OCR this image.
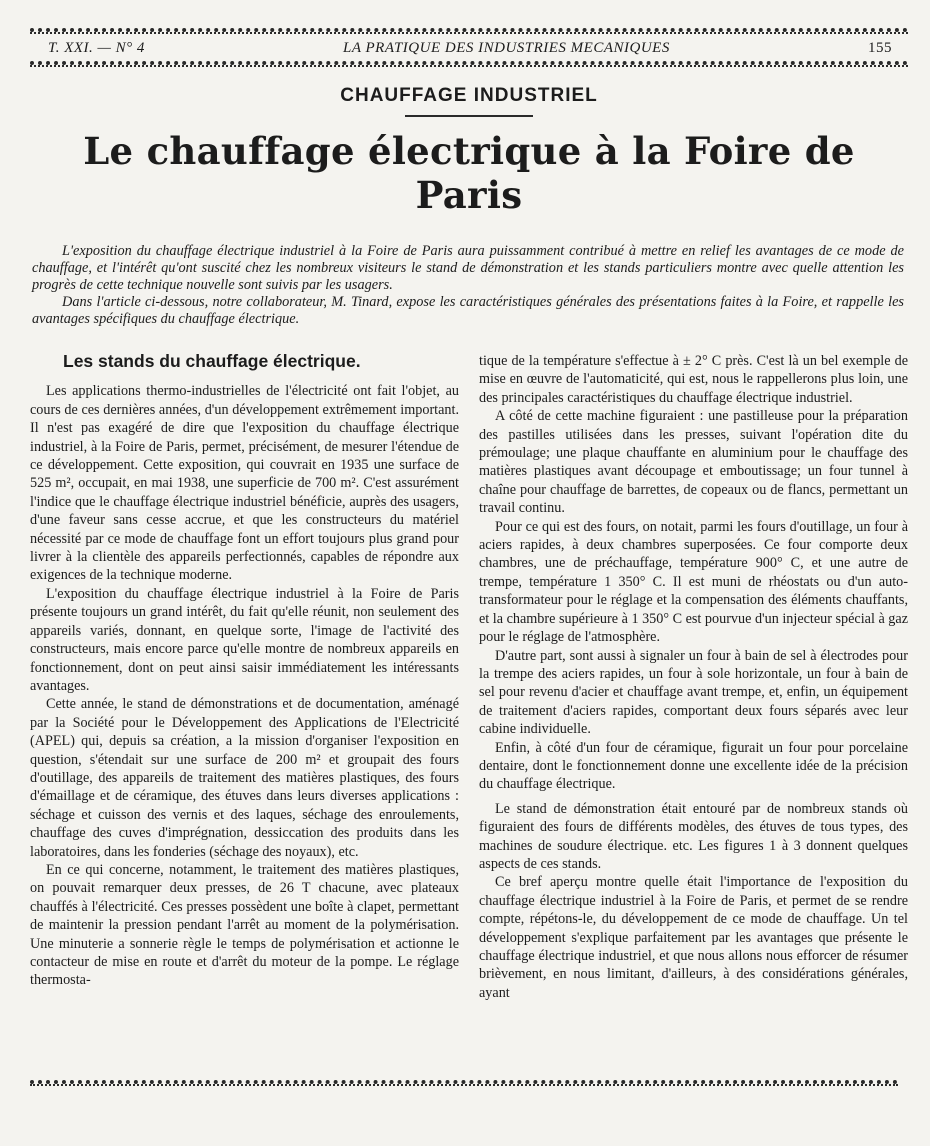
T. XXI. — N° 4	LA PRATIQUE DES INDUSTRIES MECANIQUES	155
CHAUFFAGE INDUSTRIEL
Le chauffage électrique à la Foire de Paris

L'exposition du chauffage électrique industriel à la Foire de Paris aura puissamment contribué à mettre en relief les avantages de ce mode de chauffage, et l'intérêt qu'ont suscité chez les nombreux visiteurs le stand de démonstration et les stands particuliers montre avec quelle attention les progrès de cette technique nouvelle sont suivis par les usagers.

Dans l'article ci-dessous, notre collaborateur, M. Tinard, expose les caractéristiques générales des présentations faites à la Foire, et rappelle les avantages spécifiques du chauffage électrique.

Les stands du chauffage électrique.

Les applications thermo-industrielles de l'électricité ont fait l'objet, au cours de ces dernières années, d'un développement extrêmement important. Il n'est pas exagéré de dire que l'exposition du chauffage électrique industriel, à la Foire de Paris, permet, précisément, de mesurer l'étendue de ce développement. Cette exposition, qui couvrait en 1935 une surface de 525 m², occupait, en mai 1938, une superficie de 700 m². C'est assurément l'indice que le chauffage électrique industriel bénéficie, auprès des usagers, d'une faveur sans cesse accrue, et que les constructeurs du matériel nécessité par ce mode de chauffage font un effort toujours plus grand pour livrer à la clientèle des appareils perfectionnés, capables de répondre aux exigences de la technique moderne.

L'exposition du chauffage électrique industriel à la Foire de Paris présente toujours un grand intérêt, du fait qu'elle réunit, non seulement des appareils variés, donnant, en quelque sorte, l'image de l'activité des constructeurs, mais encore parce qu'elle montre de nombreux appareils en fonctionnement, dont on peut ainsi saisir immédiatement les intéressants avantages.

Cette année, le stand de démonstrations et de documentation, aménagé par la Société pour le Développement des Applications de l'Electricité (APEL) qui, depuis sa création, a la mission d'organiser l'exposition en question, s'étendait sur une surface de 200 m² et groupait des fours d'outillage, des appareils de traitement des matières plastiques, des fours d'émaillage et de céramique, des étuves dans leurs diverses applications : séchage et cuisson des vernis et des laques, séchage des enroulements, chauffage des cuves d'imprégnation, dessiccation des produits dans les laboratoires, dans les fonderies (séchage des noyaux), etc.

En ce qui concerne, notamment, le traitement des matières plastiques, on pouvait remarquer deux presses, de 26 T chacune, avec plateaux chauffés à l'électricité. Ces presses possèdent une boîte à clapet, permettant de maintenir la pression pendant l'arrêt au moment de la polymérisation. Une minuterie a sonnerie règle le temps de polymérisation et actionne le contacteur de mise en route et d'arrêt du moteur de la pompe. Le réglage thermosta-

tique de la température s'effectue à ± 2° C près. C'est là un bel exemple de mise en œuvre de l'automaticité, qui est, nous le rappellerons plus loin, une des principales caractéristiques du chauffage électrique industriel.

A côté de cette machine figuraient : une pastilleuse pour la préparation des pastilles utilisées dans les presses, suivant l'opération dite du prémoulage; une plaque chauffante en aluminium pour le chauffage des matières plastiques avant découpage et emboutissage; un four tunnel à chaîne pour chauffage de barrettes, de copeaux ou de flancs, permettant un travail continu.

Pour ce qui est des fours, on notait, parmi les fours d'outillage, un four à aciers rapides, à deux chambres superposées. Ce four comporte deux chambres, une de préchauffage, température 900° C, et une autre de trempe, température 1 350° C. Il est muni de rhéostats ou d'un auto-transformateur pour le réglage et la compensation des éléments chauffants, et la chambre supérieure à 1 350° C est pourvue d'un injecteur spécial à gaz pour le réglage de l'atmosphère.

D'autre part, sont aussi à signaler un four à bain de sel à électrodes pour la trempe des aciers rapides, un four à sole horizontale, un four à bain de sel pour revenu d'acier et chauffage avant trempe, et, enfin, un équipement de traitement d'aciers rapides, comportant deux fours séparés avec leur cabine individuelle.

Enfin, à côté d'un four de céramique, figurait un four pour porcelaine dentaire, dont le fonctionnement donne une excellente idée de la précision du chauffage électrique.

Le stand de démonstration était entouré par de nombreux stands où figuraient des fours de différents modèles, des étuves de tous types, des machines de soudure électrique. etc. Les figures 1 à 3 donnent quelques aspects de ces stands.

Ce bref aperçu montre quelle était l'importance de l'exposition du chauffage électrique industriel à la Foire de Paris, et permet de se rendre compte, répétons-le, du développement de ce mode de chauffage. Un tel développement s'explique parfaitement par les avantages que présente le chauffage électrique industriel, et que nous allons nous efforcer de résumer brièvement, en nous limitant, d'ailleurs, à des considérations générales, ayant
